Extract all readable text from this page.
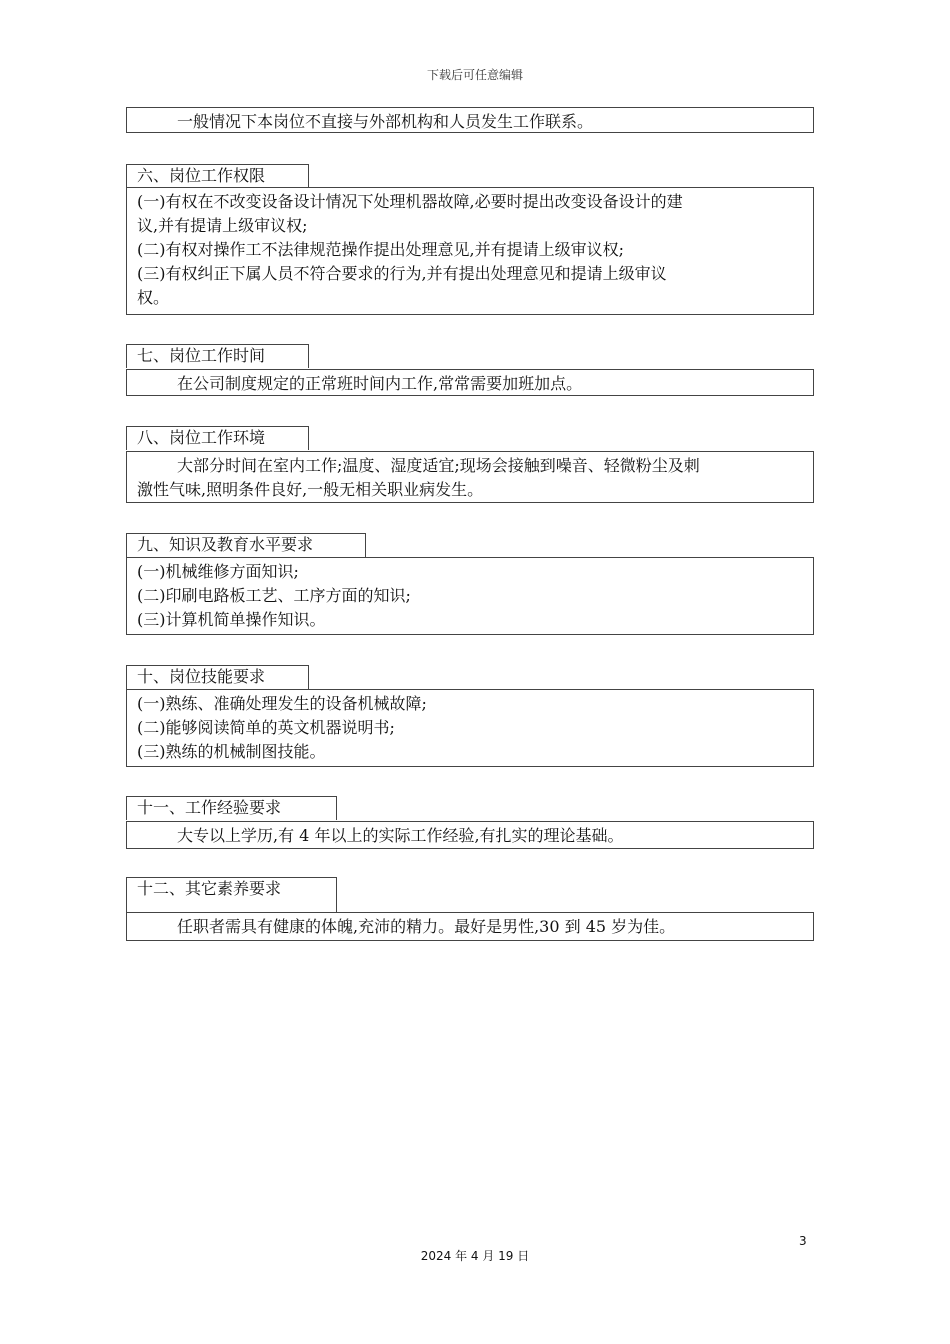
下载后可任意编辑
一般情况下本岗位不直接与外部机构和人员发生工作联系。
六、岗位工作权限
(一)有权在不改变设备设计情况下处理机器故障,必要时提出改变设备设计的建
议,并有提请上级审议权;
(二)有权对操作工不法律规范操作提出处理意见,并有提请上级审议权;
(三)有权纠正下属人员不符合要求的行为,并有提出处理意见和提请上级审议
权。
七、岗位工作时间
在公司制度规定的正常班时间内工作,常常需要加班加点。
八、岗位工作环境
大部分时间在室内工作;温度、湿度适宜;现场会接触到噪音、轻微粉尘及刺
激性气味,照明条件良好,一般无相关职业病发生。
九、知识及教育水平要求
(一)机械维修方面知识;
(二)印刷电路板工艺、工序方面的知识;
(三)计算机简单操作知识。
十、岗位技能要求
(一)熟练、准确处理发生的设备机械故障;
(二)能够阅读简单的英文机器说明书;
(三)熟练的机械制图技能。
十一、工作经验要求
大专以上学历,有 4 年以上的实际工作经验,有扎实的理论基础。
十二、其它素养要求
任职者需具有健康的体魄,充沛的精力。最好是男性,30 到 45 岁为佳。
3
2024 年 4 月 19 日
